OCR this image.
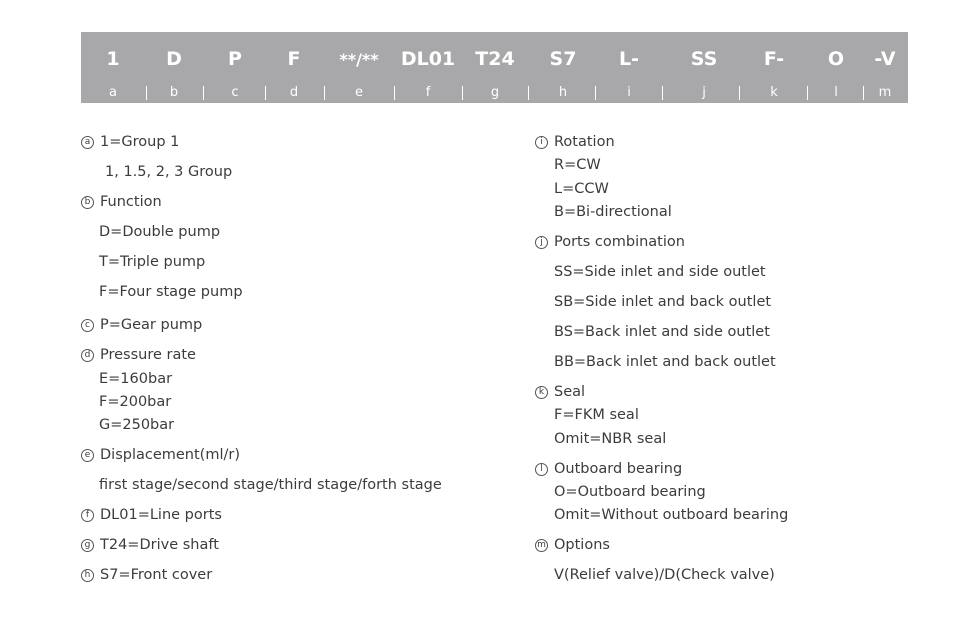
1 D P F **/** DL01 T24 S7 L-	SS F- O -V
a	b	c	d	e	f	g	h	i	j	k	l	m
a 1=Group 1
1, 1.5, 2, 3 Group
b Function
D=Double pump
T=Triple pump
F=Four stage pump
c P=Gear pump
d Pressure rate
E=160bar
F=200bar
G=250bar
e Displacement(ml/r)
first stage/second stage/third stage/forth stage
f DL01=Line ports
g T24=Drive shaft
h S7=Front cover
i Rotation
R=CW
L=CCW
B=Bi-directional
j Ports combination
SS=Side inlet and side outlet
SB=Side inlet and back outlet
BS=Back inlet and side outlet
BB=Back inlet and back outlet
k Seal
F=FKM seal
Omit=NBR seal
l Outboard bearing
O=Outboard bearing
Omit=Without outboard bearing
m Options
V(Relief valve)/D(Check valve)
